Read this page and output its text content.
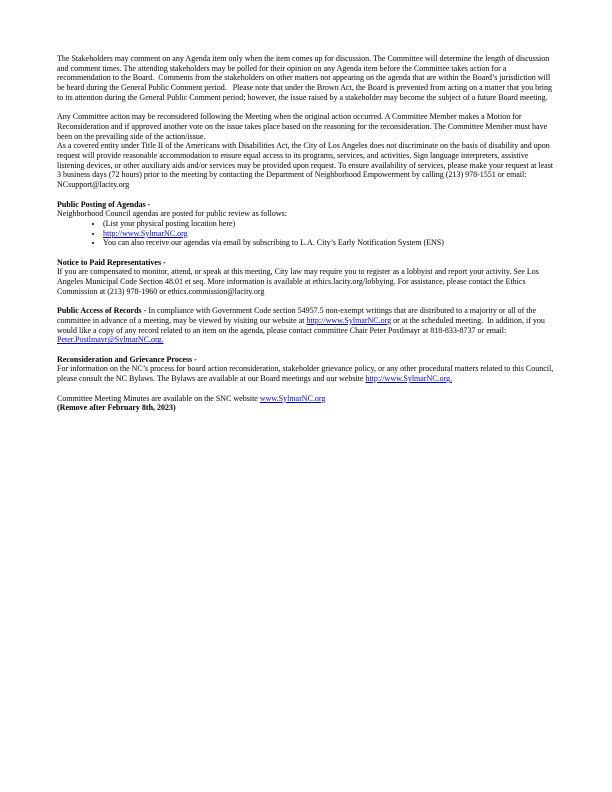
The Stakeholders may comment on any Agenda item only when the item comes up for discussion. The Committee will determine the length of discussion and comment times. The attending stakeholders may be polled for their opinion on any Agenda item before the Committee takes action for a recommendation to the Board.  Comments from the stakeholders on other matters not appearing on the agenda that are within the Board’s jurisdiction will be heard during the General Public Comment period.   Please note that under the Brown Act, the Board is prevented from acting on a matter that you bring to its attention during the General Public Comment period; however, the issue raised by a stakeholder may become the subject of a future Board meeting.

Any Committee action may be reconsidered following the Meeting when the original action occurred. A Committee Member makes a Motion for Reconsideration and if approved another vote on the issue takes place based on the reasoning for the reconsideration. The Committee Member must have been on the prevailing side of the action/issue.

As a covered entity under Title II of the Americans with Disabilities Act, the City of Los Angeles does not discriminate on the basis of disability and upon request will provide reasonable accommodation to ensure equal access to its programs, services, and activities. Sign language interpreters, assistive listening devices, or other auxiliary aids and/or services may be provided upon request. To ensure availability of services, please make your request at least 3 business days (72 hours) prior to the meeting by contacting the Department of Neighborhood Empowerment by calling (213) 978-1551 or email: NCsupport@lacity.org

Public Posting of Agendas -

Neighborhood Council agendas are posted for public review as follows:

• (List your physical posting location here)
• http://www.SylmarNC.org
• You can also receive our agendas via email by subscribing to L.A. City’s Early Notification System (ENS)

Notice to Paid Representatives -

If you are compensated to monitor, attend, or speak at this meeting, City law may require you to register as a lobbyist and report your activity. See Los Angeles Municipal Code Section 48.01 et seq. More information is available at ethics.lacity.org/lobbying. For assistance, please contact the Ethics Commission at (213) 978-1960 or ethics.commission@lacity.org

Public Access of Records - In compliance with Government Code section 54957.5 non-exempt writings that are distributed to a majority or all of the committee in advance of a meeting, may be viewed by visiting our website at http://www.SylmarNC.org or at the scheduled meeting.  In addition, if you would like a copy of any record related to an item on the agenda, please contact committee Chair Peter Postlmayr at 818-833-8737 or email: Peter.Postlmayr@SylmarNC.org.

Reconsideration and Grievance Process -

For information on the NC’s process for board action reconsideration, stakeholder grievance policy, or any other procedural matters related to this Council, please consult the NC Bylaws. The Bylaws are available at our Board meetings and our website http://www.SylmarNC.org.

Committee Meeting Minutes are available on the SNC website www.SylmarNC.org

(Remove after February 8th, 2023)
